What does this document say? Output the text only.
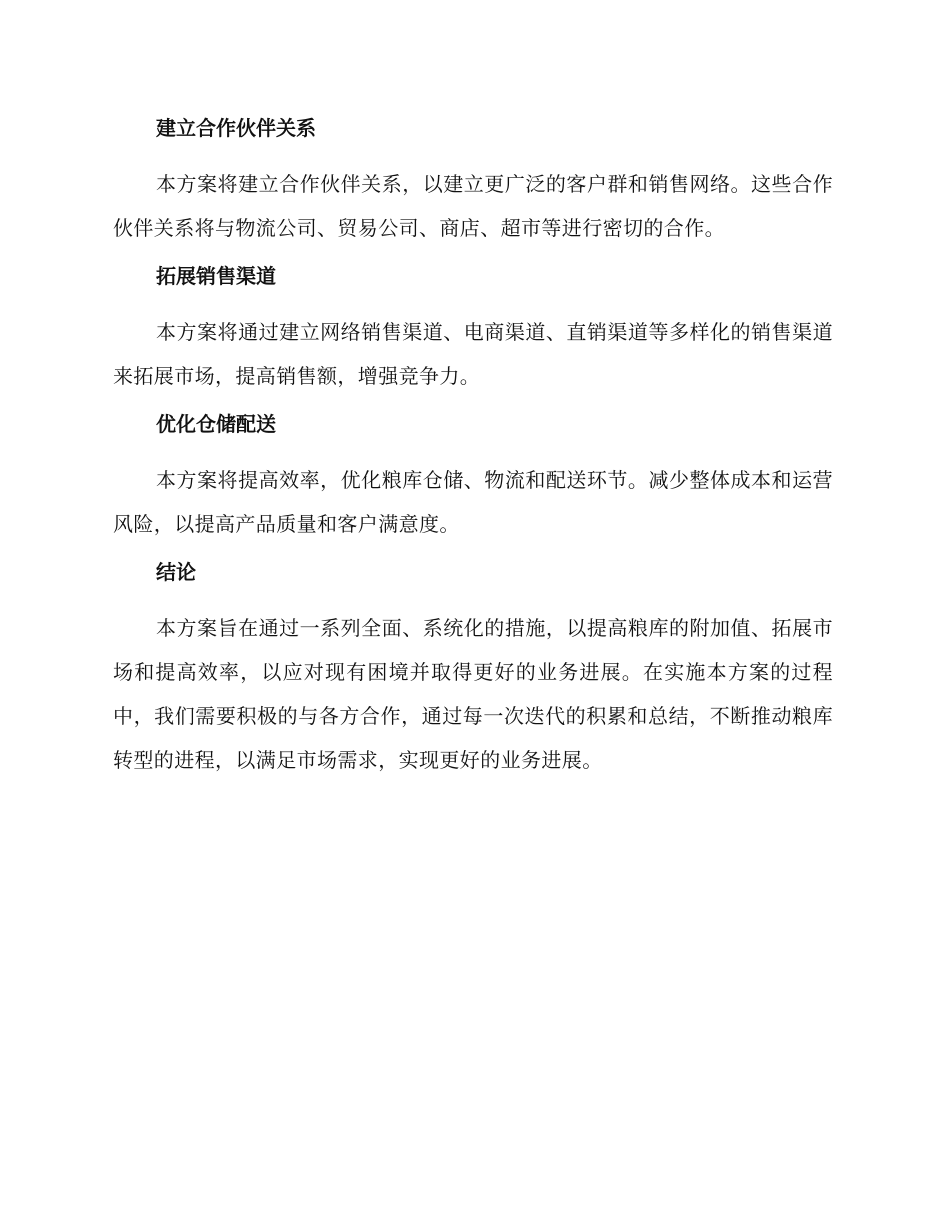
建立合作伙伴关系

本方案将建立合作伙伴关系，以建立更广泛的客户群和销售网络。这些合作伙伴关系将与物流公司、贸易公司、商店、超市等进行密切的合作。

拓展销售渠道

本方案将通过建立网络销售渠道、电商渠道、直销渠道等多样化的销售渠道来拓展市场，提高销售额，增强竞争力。

优化仓储配送

本方案将提高效率，优化粮库仓储、物流和配送环节。减少整体成本和运营风险，以提高产品质量和客户满意度。

结论

本方案旨在通过一系列全面、系统化的措施，以提高粮库的附加值、拓展市场和提高效率，以应对现有困境并取得更好的业务进展。在实施本方案的过程中，我们需要积极的与各方合作，通过每一次迭代的积累和总结，不断推动粮库转型的进程，以满足市场需求，实现更好的业务进展。
